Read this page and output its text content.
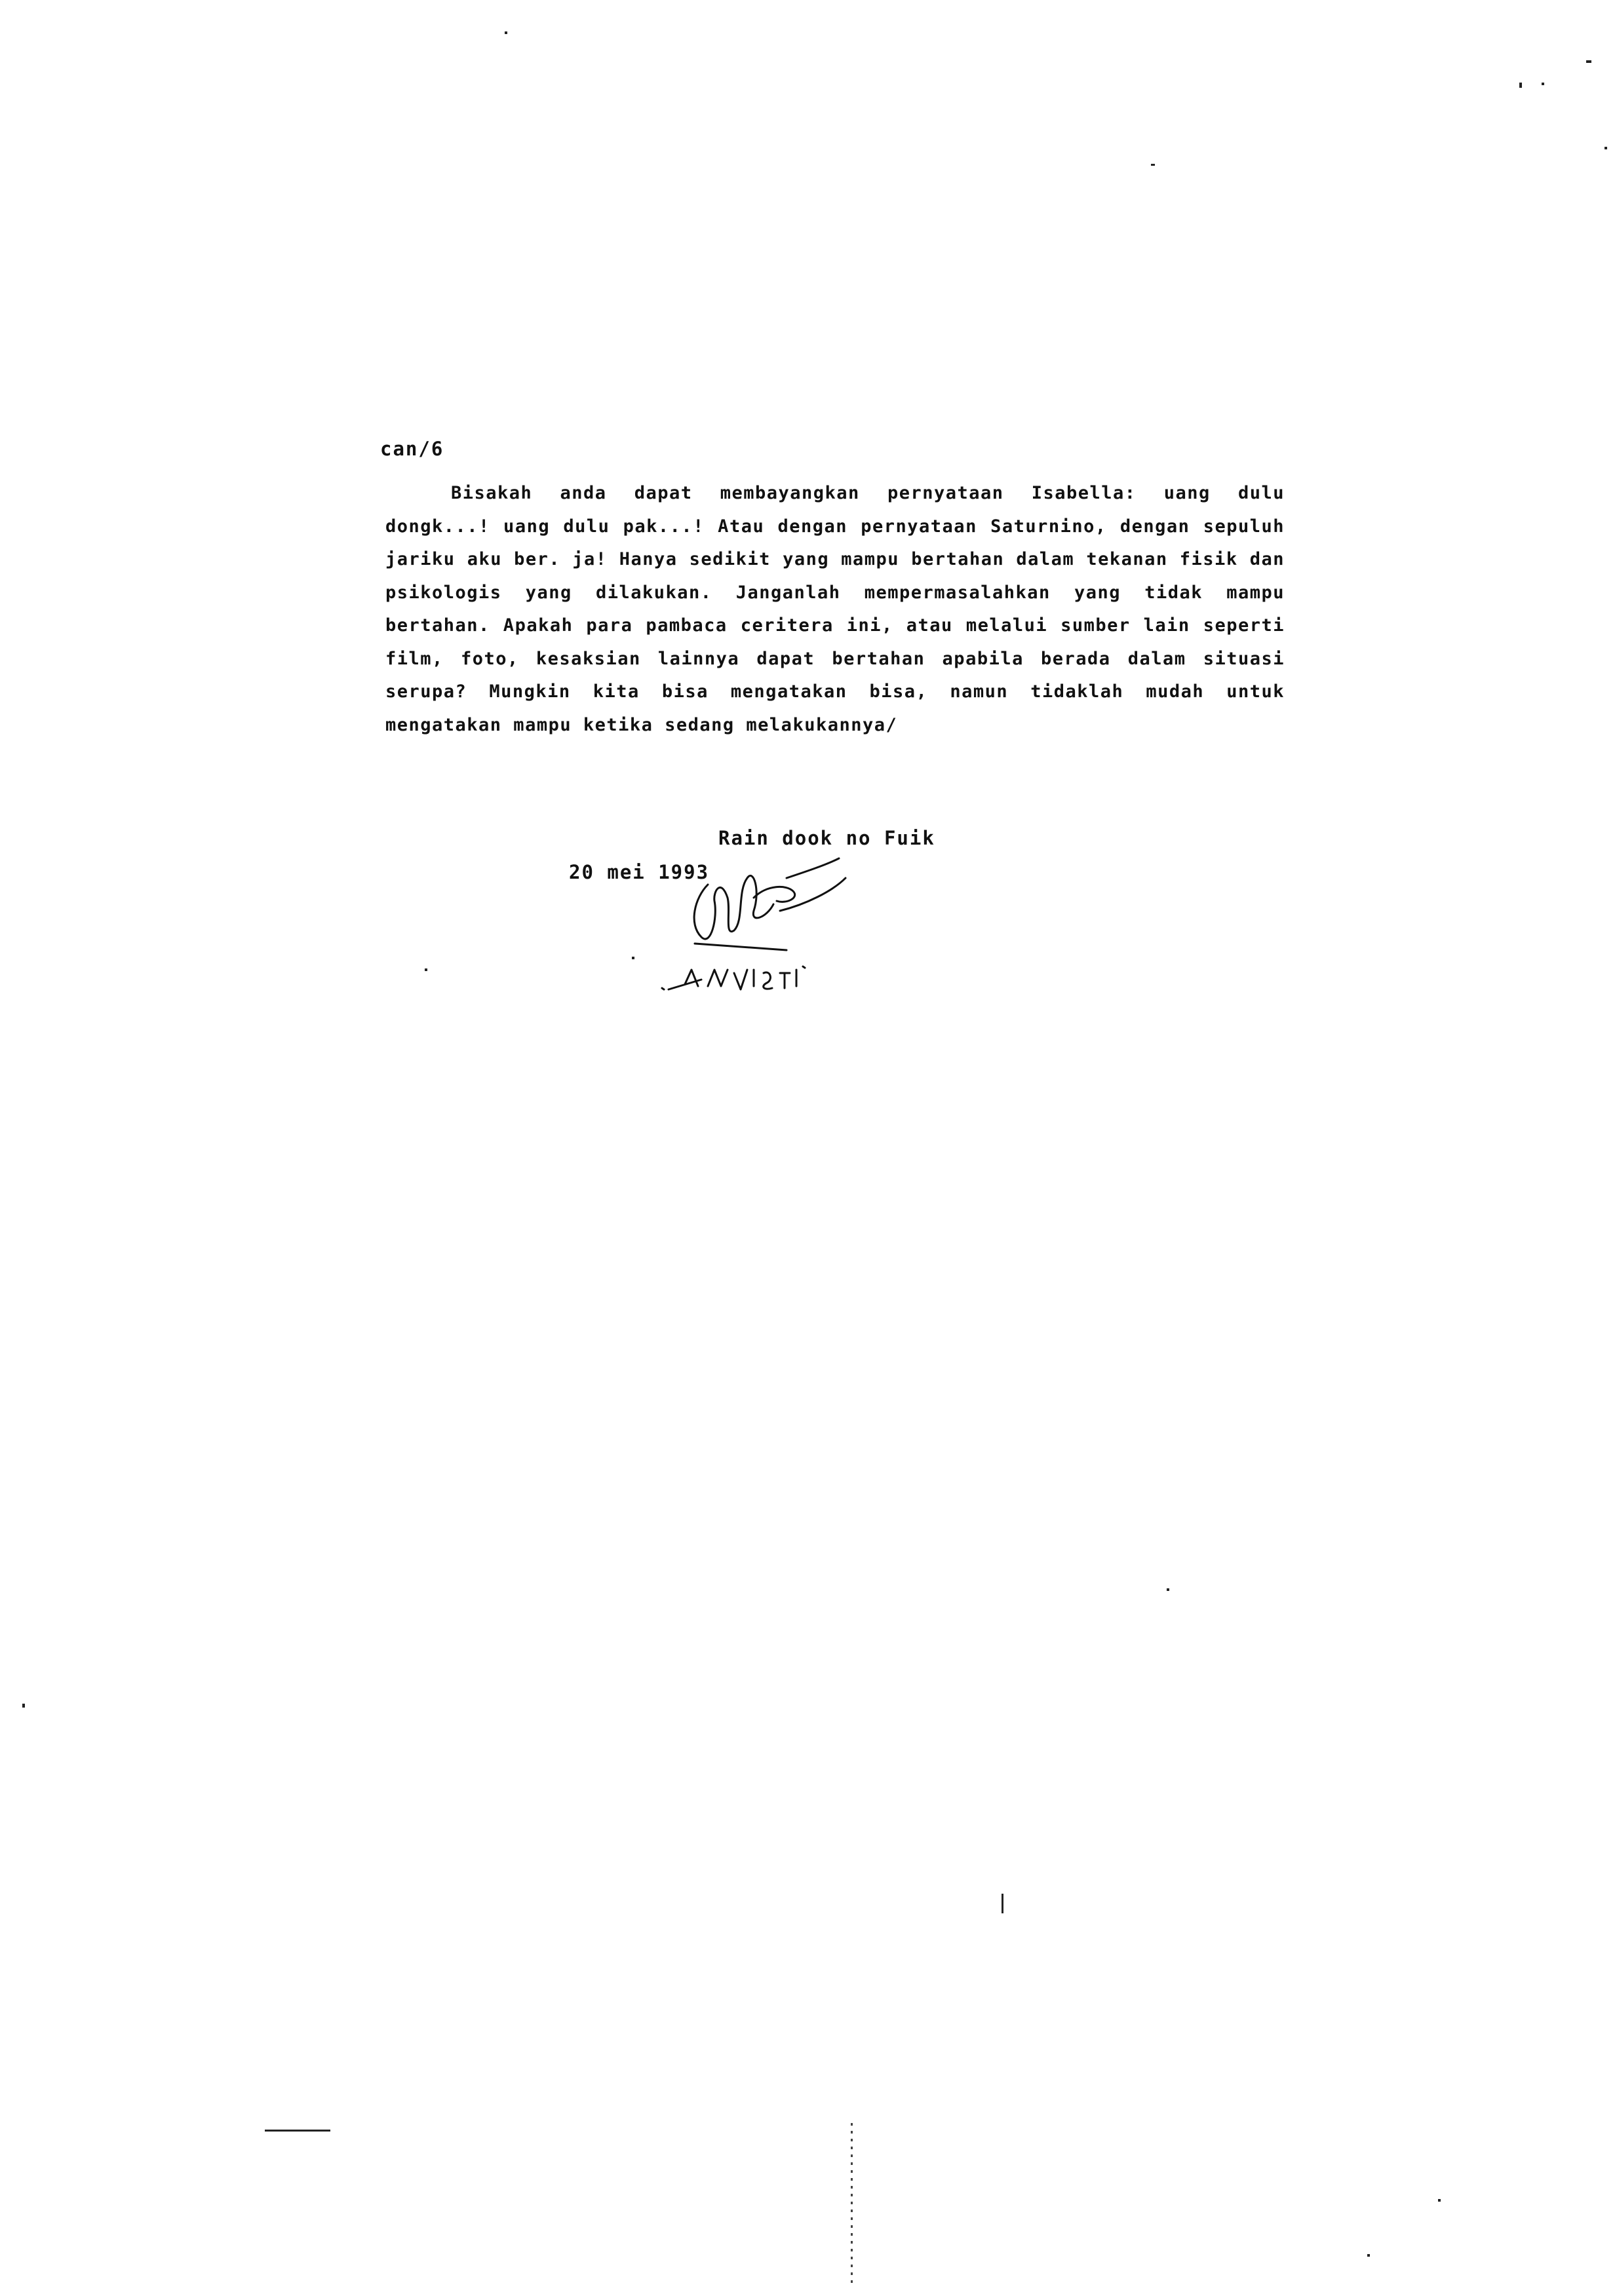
can/6

Bisakah anda dapat membayangkan pernyataan Isabella: uang dulu dongk...! uang dulu pak...! Atau dengan pernyataan Saturnino, dengan sepuluh jariku aku ber. ja! Hanya sedikit yang mampu bertahan dalam tekanan fisik dan psikologis yang dilakukan. Janganlah mempermasalahkan yang tidak mampu bertahan. Apakah para pambaca ceritera ini, atau melalui sumber lain seperti film, foto, kesaksian lainnya dapat bertahan apabila berada dalam situasi serupa? Mungkin kita bisa mengatakan bisa, namun tidaklah mudah untuk mengatakan mampu ketika sedang melakukannya/

Rain dook no Fuik
20 mei 1993
